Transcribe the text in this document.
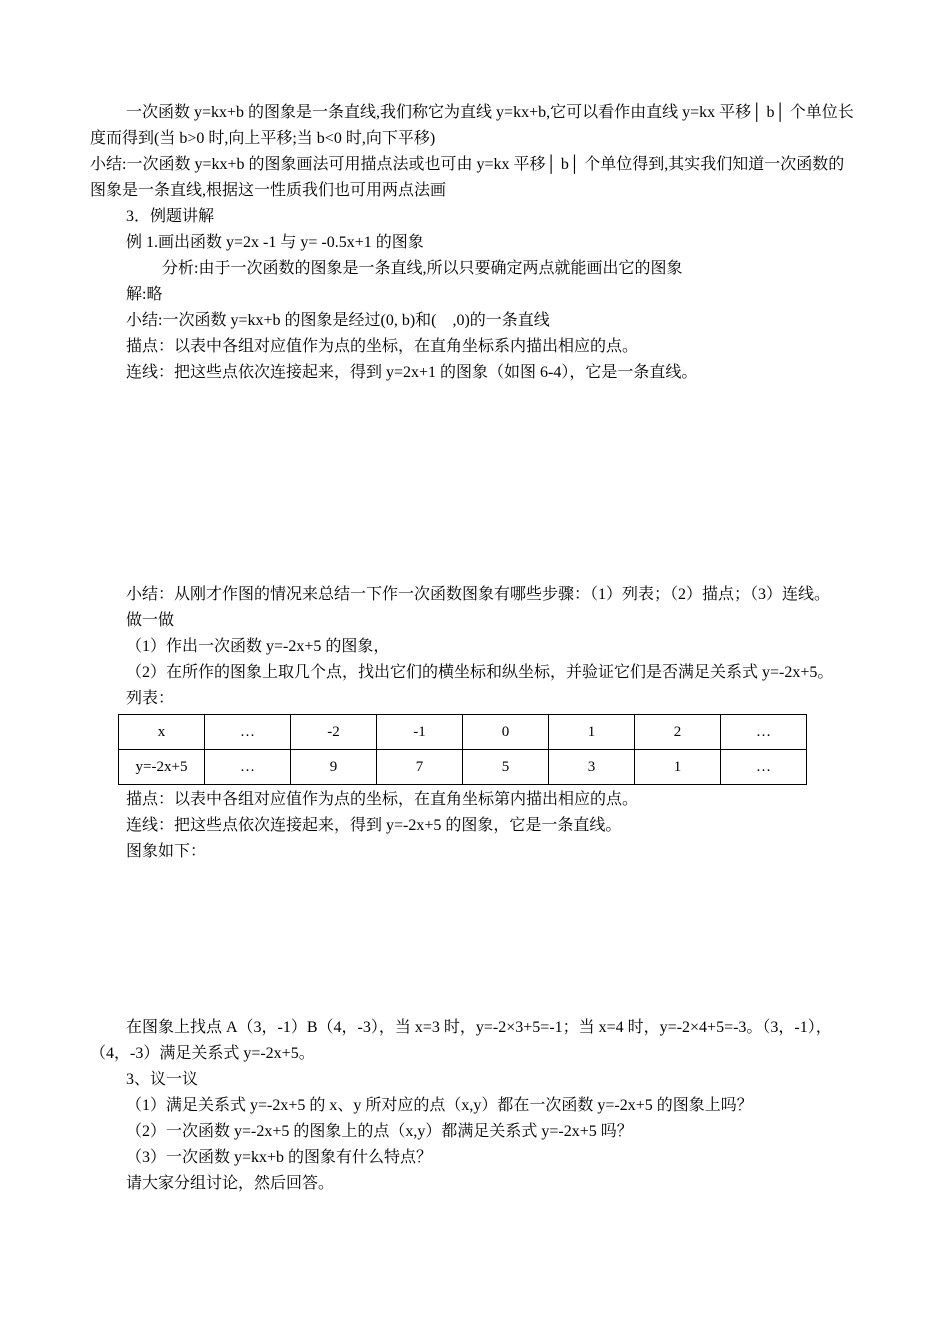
一次函数 y=kx+b 的图象是一条直线,我们称它为直线 y=kx+b,它可以看作由直线 y=kx 平移│ b│ 个单位长度而得到(当 b>0 时,向上平移;当 b<0 时,向下平移)

小结:一次函数 y=kx+b 的图象画法可用描点法或也可由 y=kx 平移│ b│ 个单位得到,其实我们知道一次函数的图象是一条直线,根据这一性质我们也可用两点法画

3．例题讲解

例 1.画出函数 y=2x -1 与 y= -0.5x+1 的图象

分析:由于一次函数的图象是一条直线,所以只要确定两点就能画出它的图象

解:略

小结:一次函数 y=kx+b 的图象是经过(0, b)和(    ,0)的一条直线

描点：以表中各组对应值作为点的坐标，在直角坐标系内描出相应的点。

连线：把这些点依次连接起来，得到 y=2x+1 的图象（如图 6-4），它是一条直线。

小结：从刚才作图的情况来总结一下作一次函数图象有哪些步骤：（1）列表；（2）描点；（3）连线。

做一做

（1）作出一次函数 y=-2x+5 的图象，

（2）在所作的图象上取几个点，找出它们的横坐标和纵坐标，并验证它们是否满足关系式 y=-2x+5。

列表：

x	…	-2	-1	0	1	2	…
y=-2x+5	…	9	7	5	3	1	…

描点：以表中各组对应值作为点的坐标，在直角坐标第内描出相应的点。

连线：把这些点依次连接起来，得到 y=-2x+5 的图象，它是一条直线。

图象如下：

在图象上找点 A（3，-1）B（4，-3），当 x=3 时，y=-2×3+5=-1；当 x=4 时，y=-2×4+5=-3。（3，-1），（4，-3）满足关系式 y=-2x+5。

3、议一议

（1）满足关系式 y=-2x+5 的 x、y 所对应的点（x,y）都在一次函数 y=-2x+5 的图象上吗？

（2）一次函数 y=-2x+5 的图象上的点（x,y）都满足关系式 y=-2x+5 吗？

（3）一次函数 y=kx+b 的图象有什么特点？

请大家分组讨论，然后回答。
